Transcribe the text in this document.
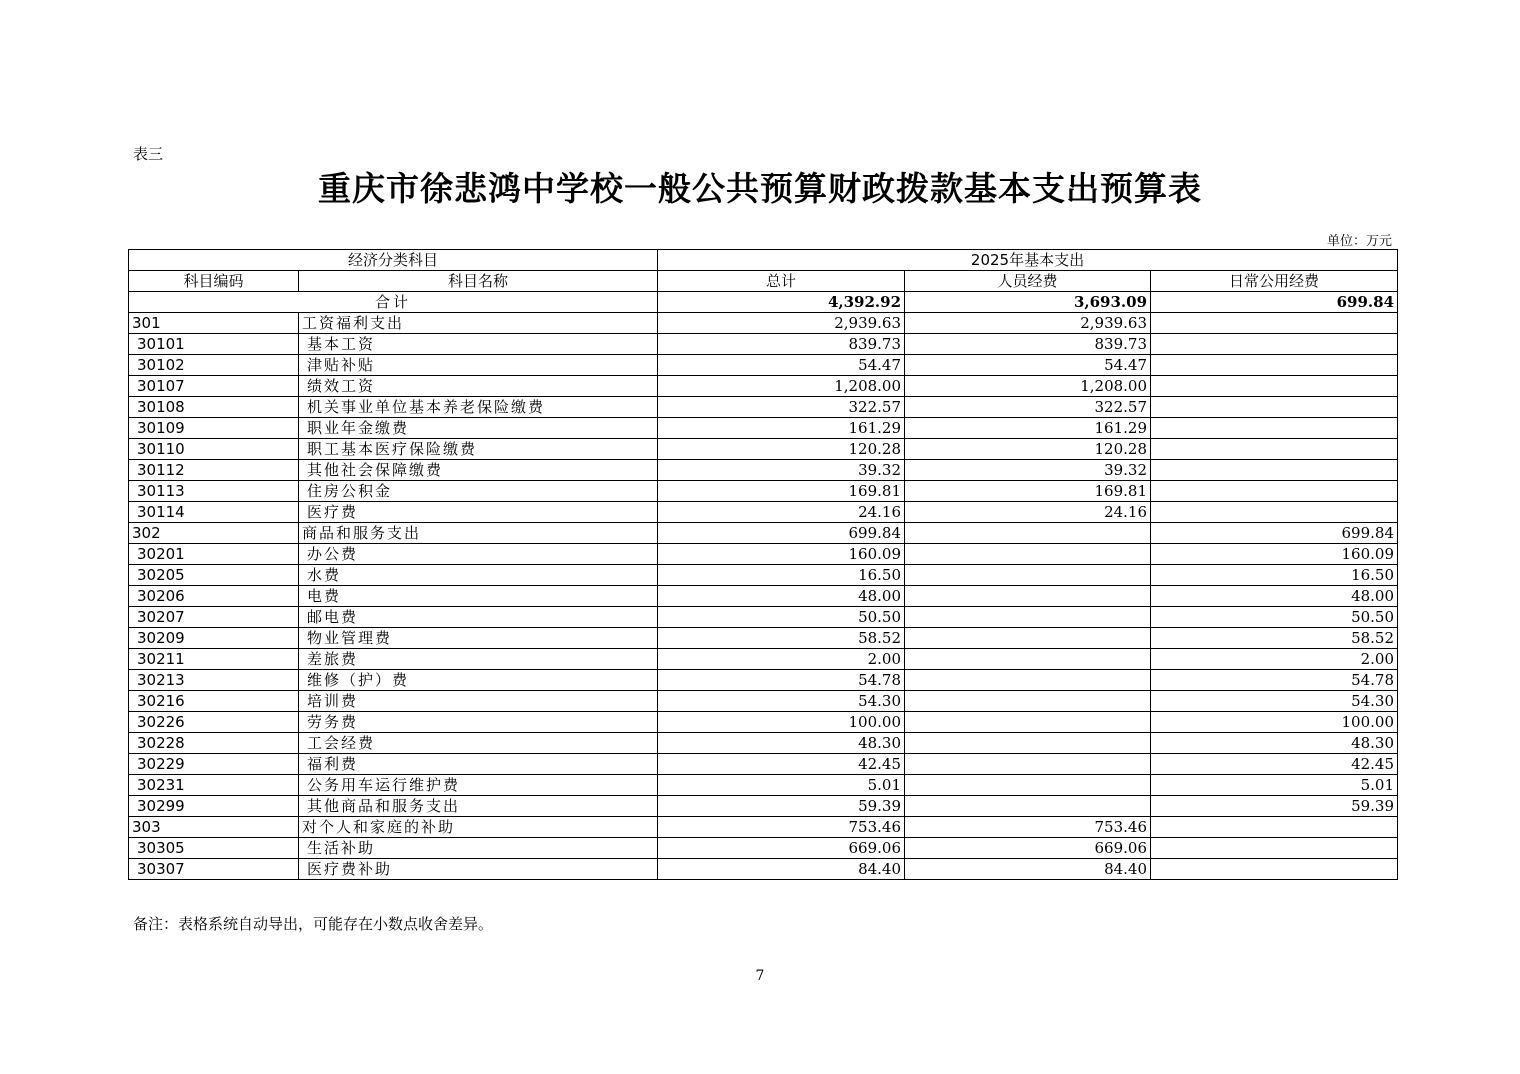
表三
重庆市徐悲鸿中学校一般公共预算财政拨款基本支出预算表
单位：万元
经济分类科目		2025年基本支出		
科目编码	科目名称	总计	人员经费	日常公用经费
合计		4,392.92	3,693.09	699.84
301	工资福利支出	2,939.63	2,939.63	
30101	基本工资	839.73	839.73	
30102	津贴补贴	54.47	54.47	
30107	绩效工资	1,208.00	1,208.00	
30108	机关事业单位基本养老保险缴费	322.57	322.57	
30109	职业年金缴费	161.29	161.29	
30110	职工基本医疗保险缴费	120.28	120.28	
30112	其他社会保障缴费	39.32	39.32	
30113	住房公积金	169.81	169.81	
30114	医疗费	24.16	24.16	
302	商品和服务支出	699.84		699.84
30201	办公费	160.09		160.09
30205	水费	16.50		16.50
30206	电费	48.00		48.00
30207	邮电费	50.50		50.50
30209	物业管理费	58.52		58.52
30211	差旅费	2.00		2.00
30213	维修（护）费	54.78		54.78
30216	培训费	54.30		54.30
30226	劳务费	100.00		100.00
30228	工会经费	48.30		48.30
30229	福利费	42.45		42.45
30231	公务用车运行维护费	5.01		5.01
30299	其他商品和服务支出	59.39		59.39
303	对个人和家庭的补助	753.46	753.46	
30305	生活补助	669.06	669.06	
30307	医疗费补助	84.40	84.40	
备注：表格系统自动导出，可能存在小数点收舍差异。
7
